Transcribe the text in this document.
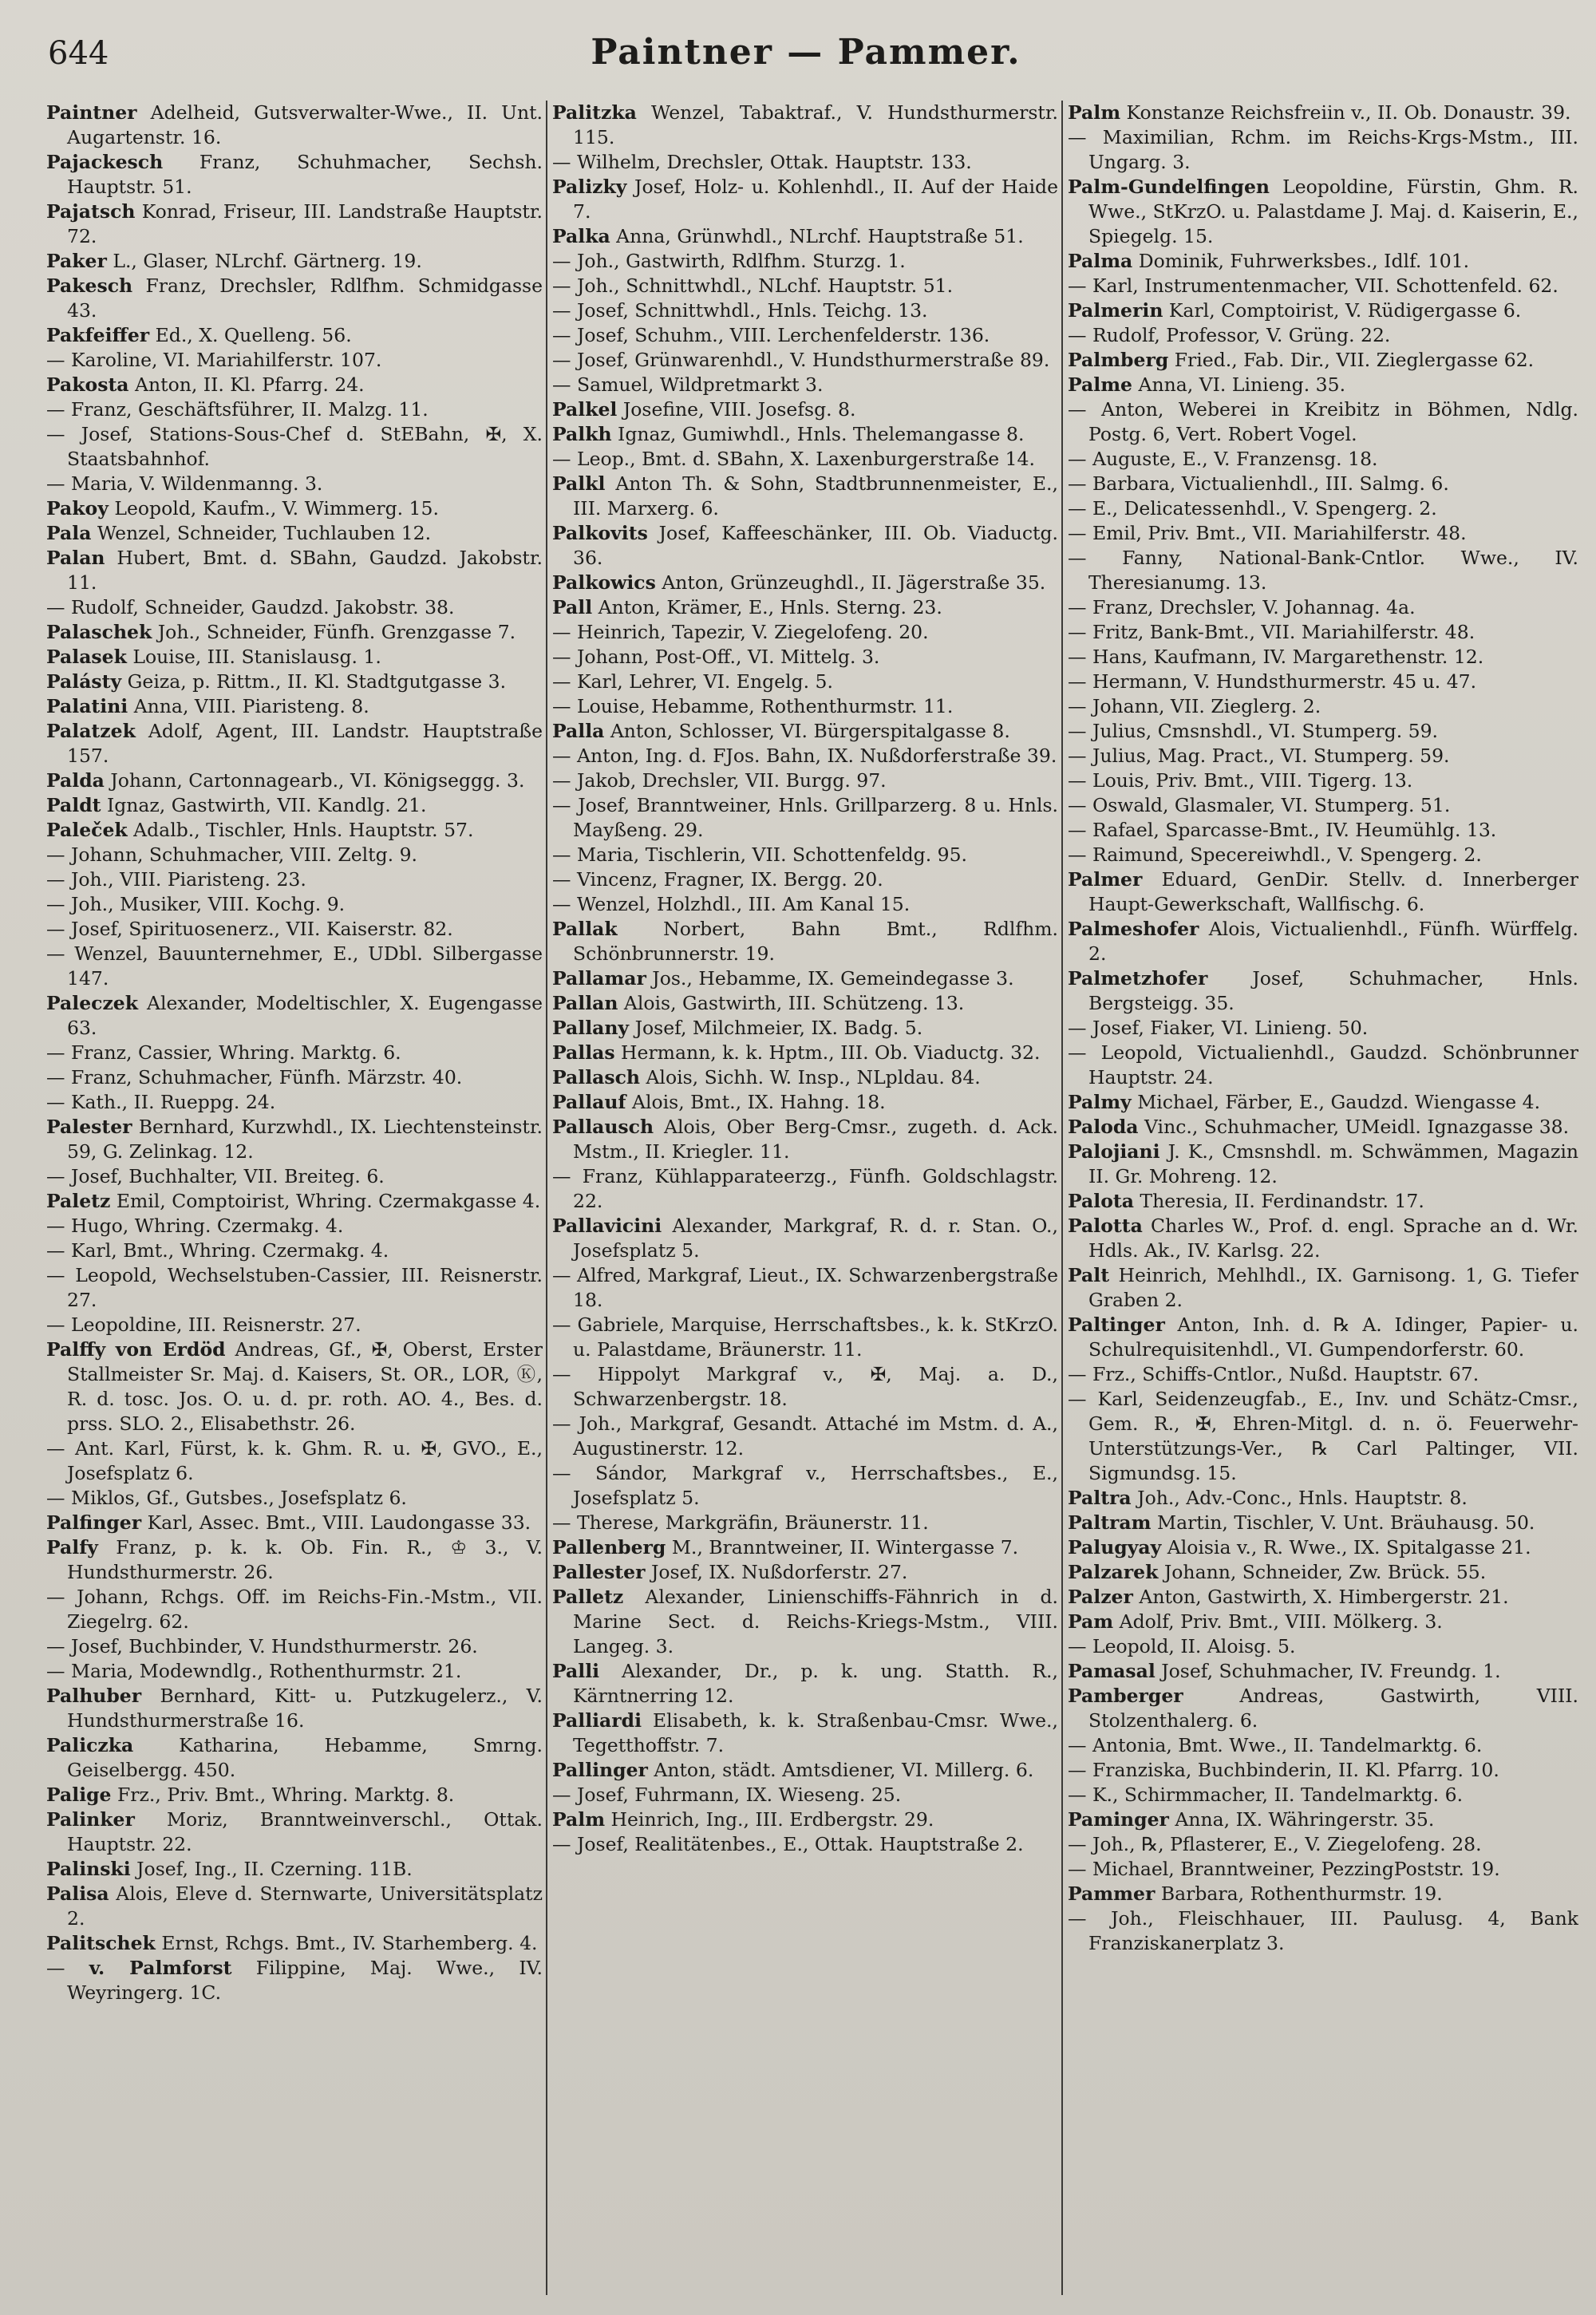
644	Paintner — Pammer.
Paintner Adelheid, Gutsverwalter-Wwe., II. Unt. Augartenstr. 16.
Pajackesch Franz, Schuhmacher, Sechsh. Hauptstr. 51.
Pajatsch Konrad, Friseur, III. Landstraße Hauptstr. 72.
Paker L., Glaser, NLrchf. Gärtnerg. 19.
Pakesch Franz, Drechsler, Rdlfhm. Schmidgasse 43.
Pakfeiffer Ed., X. Quelleng. 56.
— Karoline, VI. Mariahilferstr. 107.
Pakosta Anton, II. Kl. Pfarrg. 24.
— Franz, Geschäftsführer, II. Malzg. 11.
— Josef, Stations-Sous-Chef d. StEBahn, ✠, X. Staatsbahnhof.
— Maria, V. Wildenmanng. 3.
Pakoy Leopold, Kaufm., V. Wimmerg. 15.
Pala Wenzel, Schneider, Tuchlauben 12.
Palan Hubert, Bmt. d. SBahn, Gaudzd. Jakobstr. 11.
— Rudolf, Schneider, Gaudzd. Jakobstr. 38.
Palaschek Joh., Schneider, Fünfh. Grenzgasse 7.
Palasek Louise, III. Stanislausg. 1.
Palásty Geiza, p. Rittm., II. Kl. Stadtgutgasse 3.
Palatini Anna, VIII. Piaristeng. 8.
Palatzek Adolf, Agent, III. Landstr. Hauptstraße 157.
Palda Johann, Cartonnagearb., VI. Königseggg. 3.
Paldt Ignaz, Gastwirth, VII. Kandlg. 21.
Paleček Adalb., Tischler, Hnls. Hauptstr. 57.
— Johann, Schuhmacher, VIII. Zeltg. 9.
— Joh., VIII. Piaristeng. 23.
— Joh., Musiker, VIII. Kochg. 9.
— Josef, Spirituosenerz., VII. Kaiserstr. 82.
— Wenzel, Bauunternehmer, E., UDbl. Silbergasse 147.
Paleczek Alexander, Modeltischler, X. Eugengasse 63.
— Franz, Cassier, Whring. Marktg. 6.
— Franz, Schuhmacher, Fünfh. Märzstr. 40.
— Kath., II. Rueppg. 24.
Palester Bernhard, Kurzwhdl., IX. Liechtensteinstr. 59, G. Zelinkag. 12.
— Josef, Buchhalter, VII. Breiteg. 6.
Paletz Emil, Comptoirist, Whring. Czermakgasse 4.
— Hugo, Whring. Czermakg. 4.
— Karl, Bmt., Whring. Czermakg. 4.
— Leopold, Wechselstuben-Cassier, III. Reisnerstr. 27.
— Leopoldine, III. Reisnerstr. 27.
Palffy von Erdöd Andreas, Gf., ✠, Oberst, Erster Stallmeister Sr. Maj. d. Kaisers, St. OR., LOR, Ⓚ, R. d. tosc. Jos. O. u. d. pr. roth. AO. 4., Bes. d. prss. SLO. 2., Elisabethstr. 26.
— Ant. Karl, Fürst, k. k. Ghm. R. u. ✠, GVO., E., Josefsplatz 6.
— Miklos, Gf., Gutsbes., Josefsplatz 6.
Palfinger Karl, Assec. Bmt., VIII. Laudongasse 33.
Palfy Franz, p. k. k. Ob. Fin. R., ♔ 3., V. Hundsthurmerstr. 26.
— Johann, Rchgs. Off. im Reichs-Fin.-Mstm., VII. Ziegelrg. 62.
— Josef, Buchbinder, V. Hundsthurmerstr. 26.
— Maria, Modewndlg., Rothenthurmstr. 21.
Palhuber Bernhard, Kitt- u. Putzkugelerz., V. Hundsthurmerstraße 16.
Paliczka Katharina, Hebamme, Smrng. Geiselbergg. 450.
Palige Frz., Priv. Bmt., Whring. Marktg. 8.
Palinker Moriz, Branntweinverschl., Ottak. Hauptstr. 22.
Palinski Josef, Ing., II. Czerning. 11B.
Palisa Alois, Eleve d. Sternwarte, Universitätsplatz 2.
Palitschek Ernst, Rchgs. Bmt., IV. Starhemberg. 4.
— v. Palmforst Filippine, Maj. Wwe., IV. Weyringerg. 1C.
Palitzka Wenzel, Tabaktraf., V. Hundsthurmerstr. 115.
— Wilhelm, Drechsler, Ottak. Hauptstr. 133.
Palizky Josef, Holz- u. Kohlenhdl., II. Auf der Haide 7.
Palka Anna, Grünwhdl., NLrchf. Hauptstraße 51.
— Joh., Gastwirth, Rdlfhm. Sturzg. 1.
— Joh., Schnittwhdl., NLchf. Hauptstr. 51.
— Josef, Schnittwhdl., Hnls. Teichg. 13.
— Josef, Schuhm., VIII. Lerchenfelderstr. 136.
— Josef, Grünwarenhdl., V. Hundsthurmerstraße 89.
— Samuel, Wildpretmarkt 3.
Palkel Josefine, VIII. Josefsg. 8.
Palkh Ignaz, Gumiwhdl., Hnls. Thelemangasse 8.
— Leop., Bmt. d. SBahn, X. Laxenburgerstraße 14.
Palkl Anton Th. & Sohn, Stadtbrunnenmeister, E., III. Marxerg. 6.
Palkovits Josef, Kaffeeschänker, III. Ob. Viaductg. 36.
Palkowics Anton, Grünzeughdl., II. Jägerstraße 35.
Pall Anton, Krämer, E., Hnls. Sterng. 23.
— Heinrich, Tapezir, V. Ziegelofeng. 20.
— Johann, Post-Off., VI. Mittelg. 3.
— Karl, Lehrer, VI. Engelg. 5.
— Louise, Hebamme, Rothenthurmstr. 11.
Palla Anton, Schlosser, VI. Bürgerspitalgasse 8.
— Anton, Ing. d. FJos. Bahn, IX. Nußdorferstraße 39.
— Jakob, Drechsler, VII. Burgg. 97.
— Josef, Branntweiner, Hnls. Grillparzerg. 8 u. Hnls. Mayßeng. 29.
— Maria, Tischlerin, VII. Schottenfeldg. 95.
— Vincenz, Fragner, IX. Bergg. 20.
— Wenzel, Holzhdl., III. Am Kanal 15.
Pallak Norbert, Bahn Bmt., Rdlfhm. Schönbrunnerstr. 19.
Pallamar Jos., Hebamme, IX. Gemeindegasse 3.
Pallan Alois, Gastwirth, III. Schützeng. 13.
Pallany Josef, Milchmeier, IX. Badg. 5.
Pallas Hermann, k. k. Hptm., III. Ob. Viaductg. 32.
Pallasch Alois, Sichh. W. Insp., NLpldau. 84.
Pallauf Alois, Bmt., IX. Hahng. 18.
Pallausch Alois, Ober Berg-Cmsr., zugeth. d. Ack. Mstm., II. Kriegler. 11.
— Franz, Kühlapparateerzg., Fünfh. Goldschlagstr. 22.
Pallavicini Alexander, Markgraf, R. d. r. Stan. O., Josefsplatz 5.
— Alfred, Markgraf, Lieut., IX. Schwarzenbergstraße 18.
— Gabriele, Marquise, Herrschaftsbes., k. k. StKrzO. u. Palastdame, Bräunerstr. 11.
— Hippolyt Markgraf v., ✠, Maj. a. D., Schwarzenbergstr. 18.
— Joh., Markgraf, Gesandt. Attaché im Mstm. d. A., Augustinerstr. 12.
— Sándor, Markgraf v., Herrschaftsbes., E., Josefsplatz 5.
— Therese, Markgräfin, Bräunerstr. 11.
Pallenberg M., Branntweiner, II. Wintergasse 7.
Pallester Josef, IX. Nußdorferstr. 27.
Palletz Alexander, Linienschiffs-Fähnrich in d. Marine Sect. d. Reichs-Kriegs-Mstm., VIII. Langeg. 3.
Palli Alexander, Dr., p. k. ung. Statth. R., Kärntnerring 12.
Palliardi Elisabeth, k. k. Straßenbau-Cmsr. Wwe., Tegetthoffstr. 7.
Pallinger Anton, städt. Amtsdiener, VI. Millerg. 6.
— Josef, Fuhrmann, IX. Wieseng. 25.
Palm Heinrich, Ing., III. Erdbergstr. 29.
— Josef, Realitätenbes., E., Ottak. Hauptstraße 2.
Palm Konstanze Reichsfreiin v., II. Ob. Donaustr. 39.
— Maximilian, Rchm. im Reichs-Krgs-Mstm., III. Ungarg. 3.
Palm-Gundelfingen Leopoldine, Fürstin, Ghm. R. Wwe., StKrzO. u. Palastdame J. Maj. d. Kaiserin, E., Spiegelg. 15.
Palma Dominik, Fuhrwerksbes., Idlf. 101.
— Karl, Instrumentenmacher, VII. Schottenfeld. 62.
Palmerin Karl, Comptoirist, V. Rüdigergasse 6.
— Rudolf, Professor, V. Grüng. 22.
Palmberg Fried., Fab. Dir., VII. Zieglergasse 62.
Palme Anna, VI. Linieng. 35.
— Anton, Weberei in Kreibitz in Böhmen, Ndlg. Postg. 6, Vert. Robert Vogel.
— Auguste, E., V. Franzensg. 18.
— Barbara, Victualienhdl., III. Salmg. 6.
— E., Delicatessenhdl., V. Spengerg. 2.
— Emil, Priv. Bmt., VII. Mariahilferstr. 48.
— Fanny, National-Bank-Cntlor. Wwe., IV. Theresianumg. 13.
— Franz, Drechsler, V. Johannag. 4a.
— Fritz, Bank-Bmt., VII. Mariahilferstr. 48.
— Hans, Kaufmann, IV. Margarethenstr. 12.
— Hermann, V. Hundsthurmerstr. 45 u. 47.
— Johann, VII. Zieglerg. 2.
— Julius, Cmsnshdl., VI. Stumperg. 59.
— Julius, Mag. Pract., VI. Stumperg. 59.
— Louis, Priv. Bmt., VIII. Tigerg. 13.
— Oswald, Glasmaler, VI. Stumperg. 51.
— Rafael, Sparcasse-Bmt., IV. Heumühlg. 13.
— Raimund, Specereiwhdl., V. Spengerg. 2.
Palmer Eduard, GenDir. Stellv. d. Innerberger Haupt-Gewerkschaft, Wallfischg. 6.
Palmeshofer Alois, Victualienhdl., Fünfh. Würffelg. 2.
Palmetzhofer Josef, Schuhmacher, Hnls. Bergsteigg. 35.
— Josef, Fiaker, VI. Linieng. 50.
— Leopold, Victualienhdl., Gaudzd. Schönbrunner Hauptstr. 24.
Palmy Michael, Färber, E., Gaudzd. Wiengasse 4.
Paloda Vinc., Schuhmacher, UMeidl. Ignazgasse 38.
Palojiani J. K., Cmsnshdl. m. Schwämmen, Magazin II. Gr. Mohreng. 12.
Palota Theresia, II. Ferdinandstr. 17.
Palotta Charles W., Prof. d. engl. Sprache an d. Wr. Hdls. Ak., IV. Karlsg. 22.
Palt Heinrich, Mehlhdl., IX. Garnisong. 1, G. Tiefer Graben 2.
Paltinger Anton, Inh. d. ℞ A. Idinger, Papier- u. Schulrequisitenhdl., VI. Gumpendorferstr. 60.
— Frz., Schiffs-Cntlor., Nußd. Hauptstr. 67.
— Karl, Seidenzeugfab., E., Inv. und Schätz-Cmsr., Gem. R., ✠, Ehren-Mitgl. d. n. ö. Feuerwehr-Unterstützungs-Ver., ℞ Carl Paltinger, VII. Sigmundsg. 15.
Paltra Joh., Adv.-Conc., Hnls. Hauptstr. 8.
Paltram Martin, Tischler, V. Unt. Bräuhausg. 50.
Palugyay Aloisia v., R. Wwe., IX. Spitalgasse 21.
Palzarek Johann, Schneider, Zw. Brück. 55.
Palzer Anton, Gastwirth, X. Himbergerstr. 21.
Pam Adolf, Priv. Bmt., VIII. Mölkerg. 3.
— Leopold, II. Aloisg. 5.
Pamasal Josef, Schuhmacher, IV. Freundg. 1.
Pamberger Andreas, Gastwirth, VIII. Stolzenthalerg. 6.
— Antonia, Bmt. Wwe., II. Tandelmarktg. 6.
— Franziska, Buchbinderin, II. Kl. Pfarrg. 10.
— K., Schirmmacher, II. Tandelmarktg. 6.
Paminger Anna, IX. Währingerstr. 35.
— Joh., ℞, Pflasterer, E., V. Ziegelofeng. 28.
— Michael, Branntweiner, PezzingPoststr. 19.
Pammer Barbara, Rothenthurmstr. 19.
— Joh., Fleischhauer, III. Paulusg. 4, Bank Franziskanerplatz 3.
